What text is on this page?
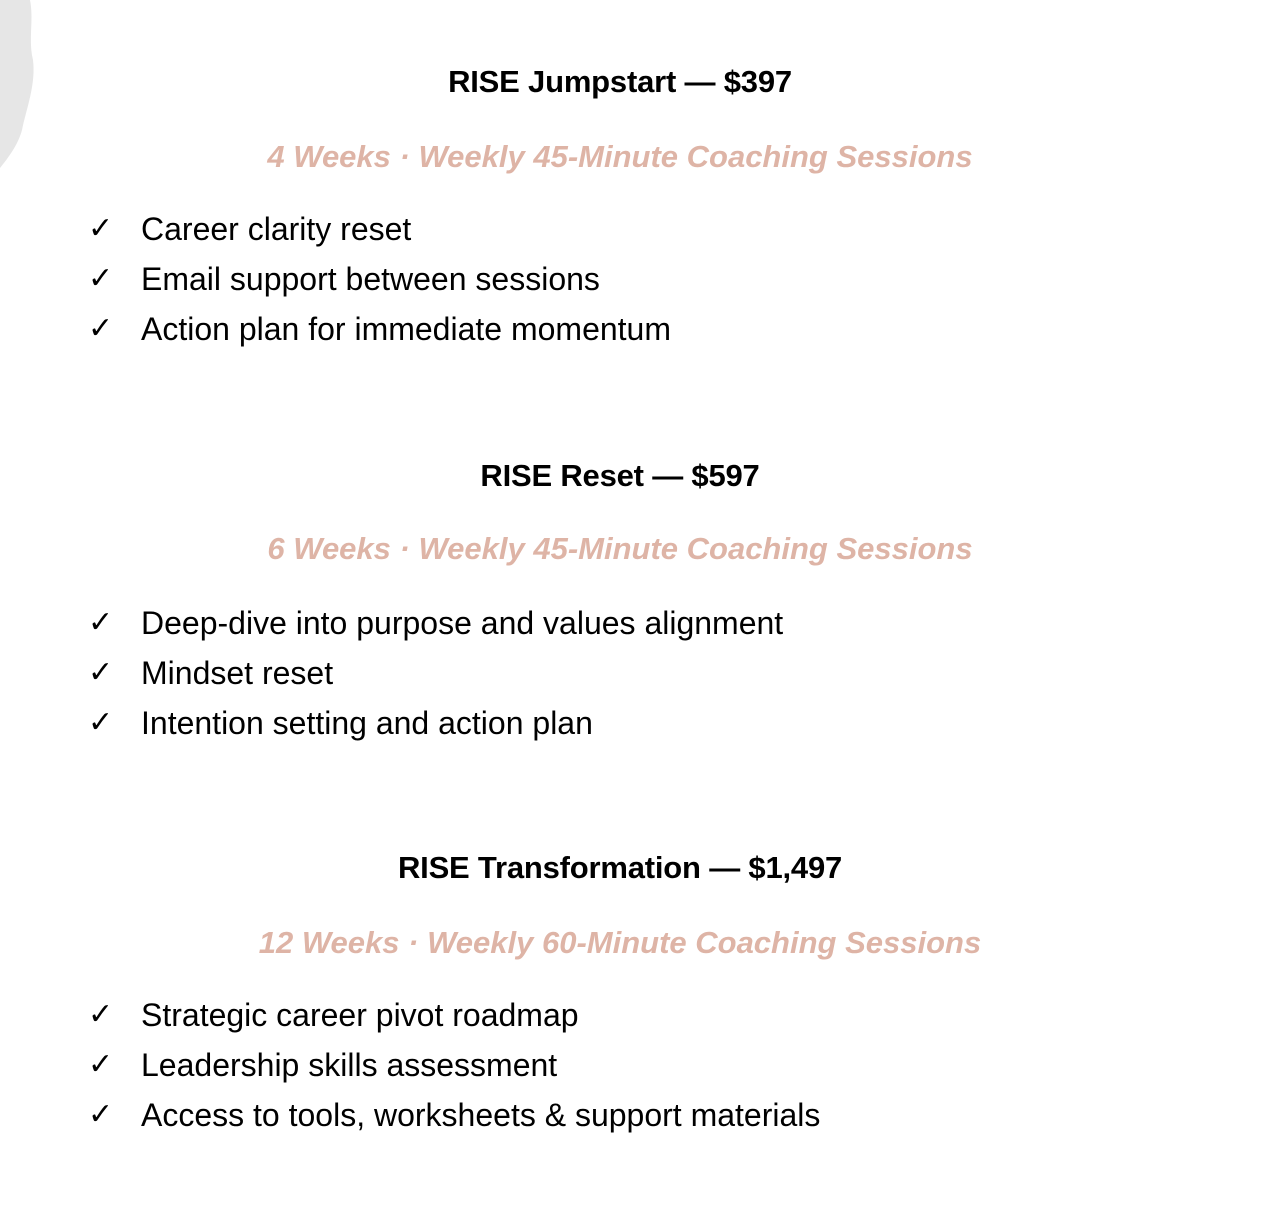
RISE Jumpstart — $397
4 Weeks · Weekly 45-Minute Coaching Sessions
✓ Career clarity reset
✓ Email support between sessions
✓ Action plan for immediate momentum
RISE Reset — $597
6 Weeks · Weekly 45-Minute Coaching Sessions
✓ Deep-dive into purpose and values alignment
✓ Mindset reset
✓ Intention setting and action plan
RISE Transformation — $1,497
12 Weeks · Weekly 60-Minute Coaching Sessions
✓ Strategic career pivot roadmap
✓ Leadership skills assessment
✓ Access to tools, worksheets & support materials
